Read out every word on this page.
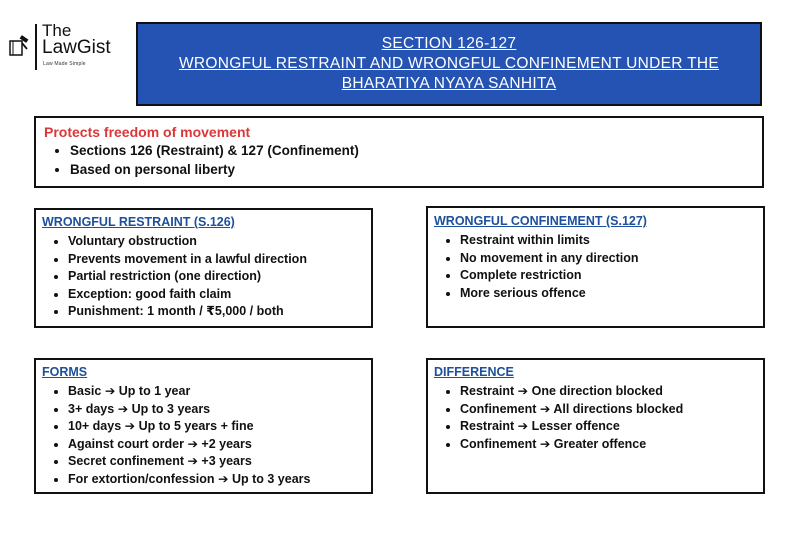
The
LawGist
Law Made Simple
SECTION 126-127
WRONGFUL RESTRAINT AND WRONGFUL CONFINEMENT UNDER THE
BHARATIYA NYAYA SANHITA
Protects freedom of movement
• Sections 126 (Restraint) & 127 (Confinement)
• Based on personal liberty
WRONGFUL RESTRAINT (S.126)
• Voluntary obstruction
• Prevents movement in a lawful direction
• Partial restriction (one direction)
• Exception: good faith claim
• Punishment: 1 month / ₹5,000 / both
WRONGFUL CONFINEMENT (S.127)
• Restraint within limits
• No movement in any direction
• Complete restriction
• More serious offence
FORMS
• Basic ➔ Up to 1 year
• 3+ days ➔ Up to 3 years
• 10+ days ➔ Up to 5 years + fine
• Against court order ➔ +2 years
• Secret confinement ➔ +3 years
• For extortion/confession ➔ Up to 3 years
DIFFERENCE
• Restraint ➔ One direction blocked
• Confinement ➔ All directions blocked
• Restraint ➔ Lesser offence
• Confinement ➔ Greater offence
